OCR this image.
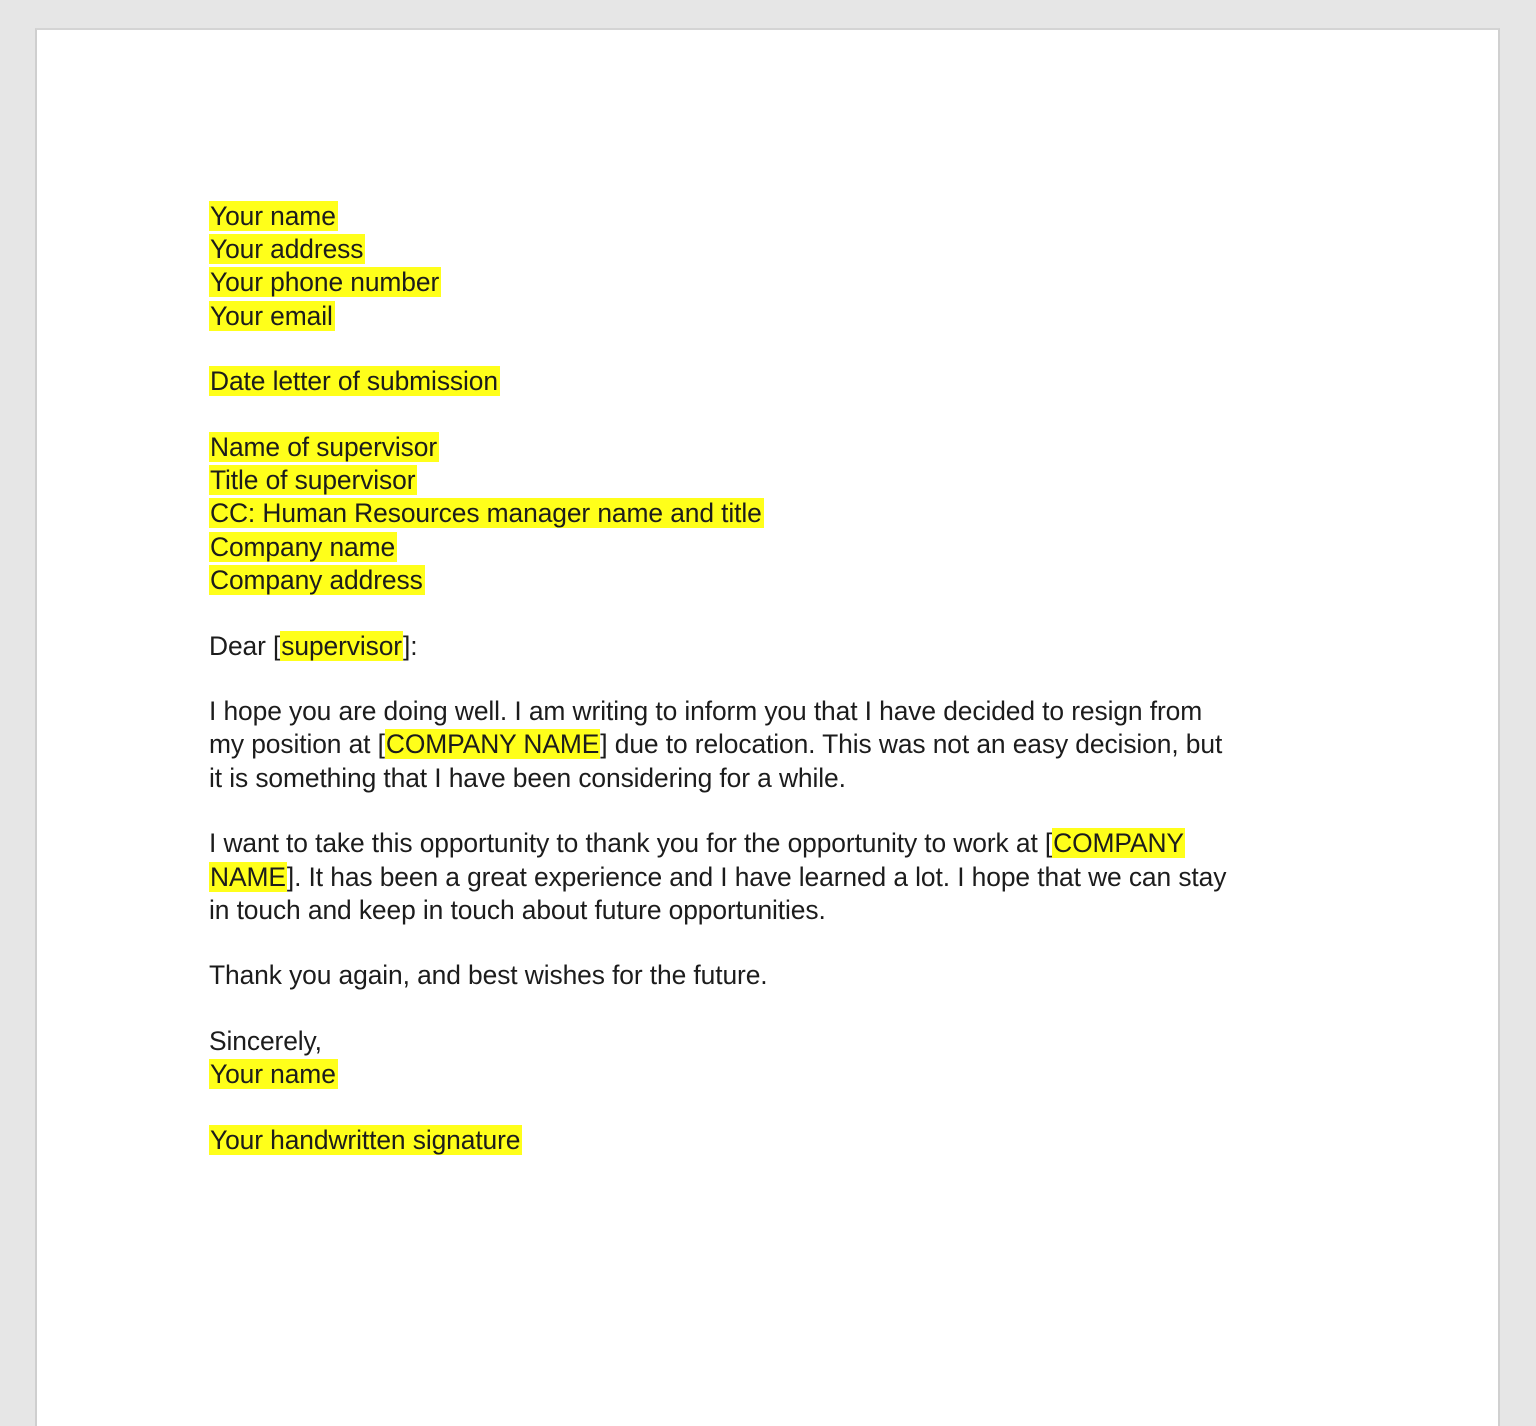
Your name
Your address
Your phone number
Your email
Date letter of submission
Name of supervisor
Title of supervisor
CC: Human Resources manager name and title
Company name
Company address
Dear [supervisor]:
I hope you are doing well. I am writing to inform you that I have decided to resign from
my position at [COMPANY NAME] due to relocation. This was not an easy decision, but
it is something that I have been considering for a while.
I want to take this opportunity to thank you for the opportunity to work at [COMPANY
NAME]. It has been a great experience and I have learned a lot. I hope that we can stay
in touch and keep in touch about future opportunities.
Thank you again, and best wishes for the future.
Sincerely,
Your name
Your handwritten signature
